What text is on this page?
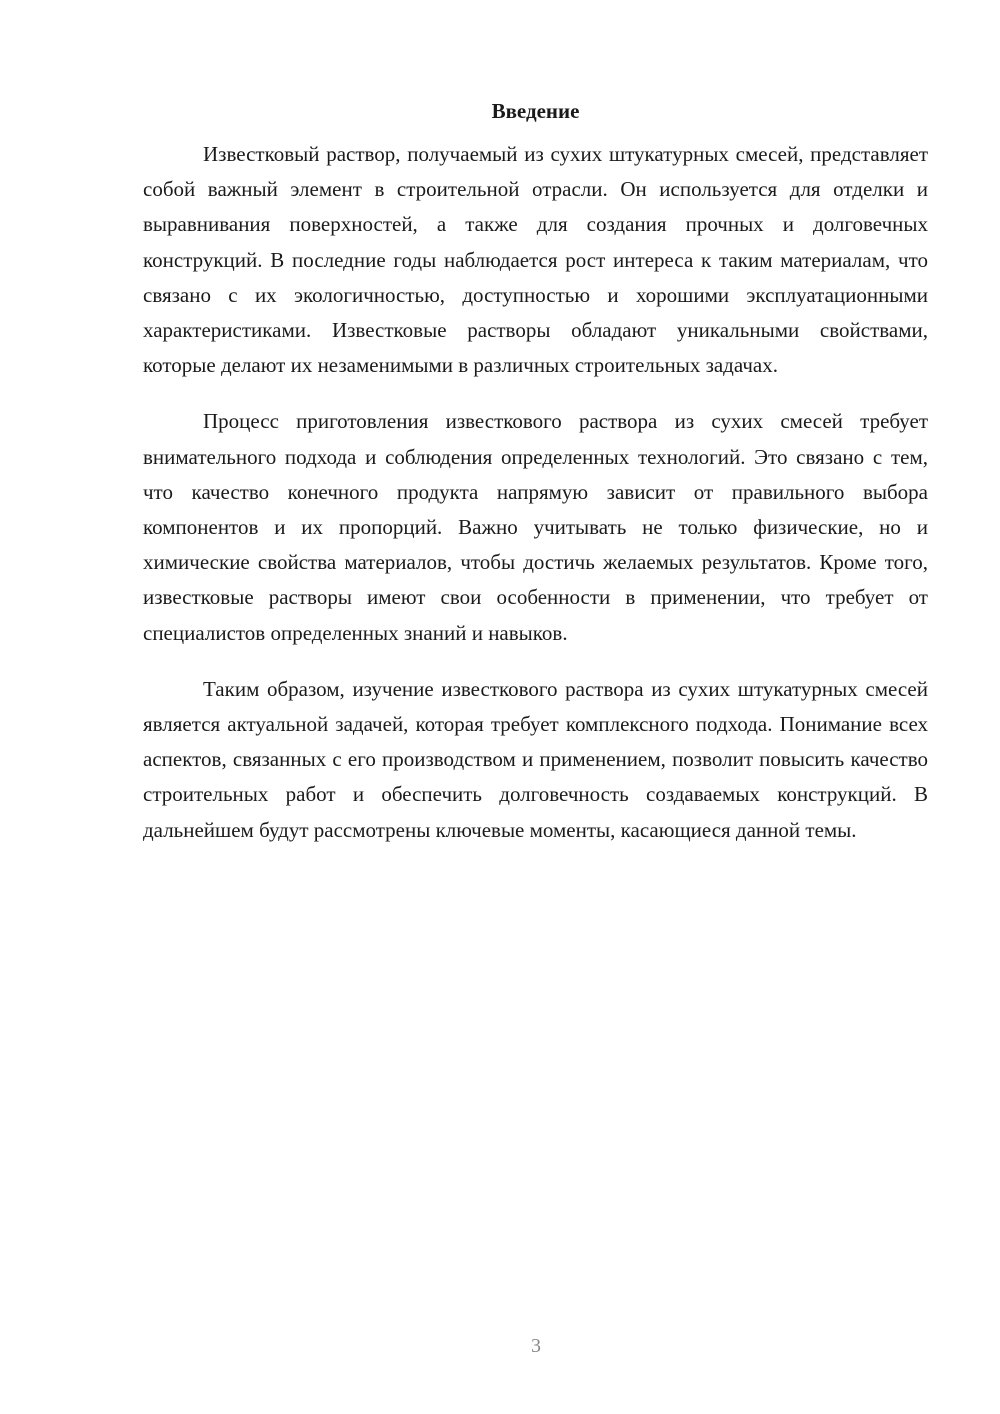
Введение

Известковый раствор, получаемый из сухих штукатурных смесей, представляет собой важный элемент в строительной отрасли. Он используется для отделки и выравнивания поверхностей, а также для создания прочных и долговечных конструкций. В последние годы наблюдается рост интереса к таким материалам, что связано с их экологичностью, доступностью и хорошими эксплуатационными характеристиками. Известковые растворы обладают уникальными свойствами, которые делают их незаменимыми в различных строительных задачах.

Процесс приготовления известкового раствора из сухих смесей требует внимательного подхода и соблюдения определенных технологий. Это связано с тем, что качество конечного продукта напрямую зависит от правильного выбора компонентов и их пропорций. Важно учитывать не только физические, но и химические свойства материалов, чтобы достичь желаемых результатов. Кроме того, известковые растворы имеют свои особенности в применении, что требует от специалистов определенных знаний и навыков.

Таким образом, изучение известкового раствора из сухих штукатурных смесей является актуальной задачей, которая требует комплексного подхода. Понимание всех аспектов, связанных с его производством и применением, позволит повысить качество строительных работ и обеспечить долговечность создаваемых конструкций. В дальнейшем будут рассмотрены ключевые моменты, касающиеся данной темы.

3
